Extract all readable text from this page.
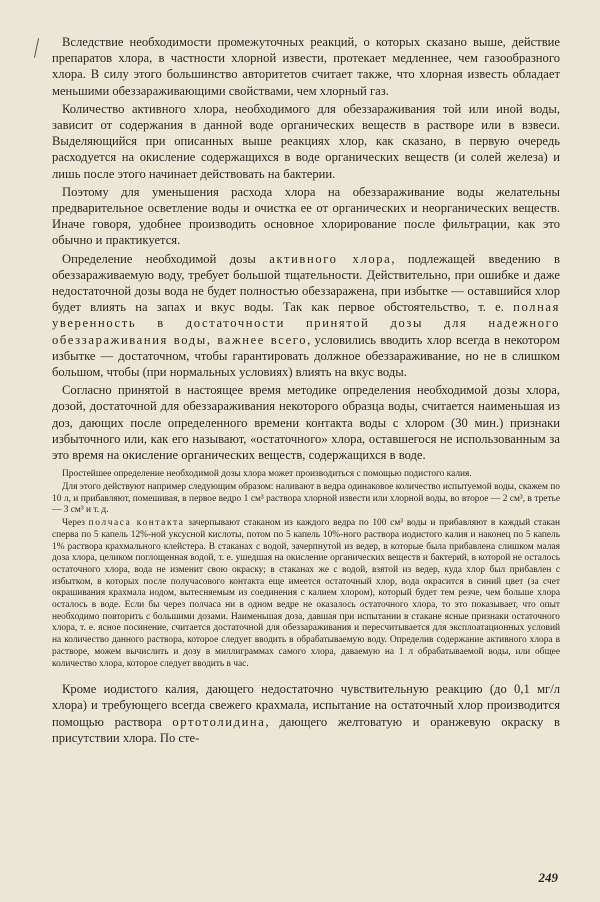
Вследствие необходимости промежуточных реакций, о которых сказано выше, действие препаратов хлора, в частности хлорной извести, протекает медленнее, чем газообразного хлора. В силу этого большинство авторитетов считает также, что хлорная известь обладает меньшими обеззараживающими свойствами, чем хлорный газ.

Количество активного хлора, необходимого для обеззараживания той или иной воды, зависит от содержания в данной воде органических веществ в растворе или в взвеси. Выделяющийся при описанных выше реакциях хлор, как сказано, в первую очередь расходуется на окисление содержащихся в воде органических веществ (и солей железа) и лишь после этого начинает действовать на бактерии.

Поэтому для уменьшения расхода хлора на обеззараживание воды желательны предварительное осветление воды и очистка ее от органических и неорганических веществ. Иначе говоря, удобнее производить основное хлорирование после фильтрации, как это обычно и практикуется.

Определение необходимой дозы активного хлора, подлежащей введению в обеззараживаемую воду, требует большой тщательности. Действительно, при ошибке и даже недостаточной дозы вода не будет полностью обеззаражена, при избытке — оставшийся хлор будет влиять на запах и вкус воды. Так как первое обстоятельство, т. е. полная уверенность в достаточности принятой дозы для надежного обеззараживания воды, важнее всего, условились вводить хлор всегда в некотором избытке — достаточном, чтобы гарантировать должное обеззараживание, но не в слишком большом, чтобы (при нормальных условиях) влиять на вкус воды.

Согласно принятой в настоящее время методике определения необходимой дозы хлора, дозой, достаточной для обеззараживания некоторого образца воды, считается наименьшая из доз, дающих после определенного времени контакта воды с хлором (30 мин.) признаки избыточного или, как его называют, «остаточного» хлора, оставшегося не использованным за это время на окисление органических веществ, содержащихся в воде.

Простейшее определение необходимой дозы хлора может производиться с помощью подистого калия.

Для этого действуют например следующим образом: наливают в ведра одинаковое количество испытуемой воды, скажем по 10 л, и прибавляют, помешивая, в первое ведро 1 см³ раствора хлорной извести или хлорной воды, во второе — 2 см³, в третье — 3 см³ и т. д.

Через полчаса контакта зачерпывают стаканом из каждого ведра по 100 см³ воды и прибавляют в каждый стакан сперва по 5 капель 12%-ной уксусной кислоты, потом по 5 капель 10%-ного раствора иодистого калия и наконец по 5 капель 1% раствора крахмального клейстера. В стаканах с водой, зачерпнутой из ведер, в которые была прибавлена слишком малая доза хлора, целиком поглощенная водой, т. е. ушедшая на окисление органических веществ и бактерий, в которой не осталось остаточного хлора, вода не изменит свою окраску; в стаканах же с водой, взятой из ведер, куда хлор был прибавлен с избытком, в которых после получасового контакта еще имеется остаточный хлор, вода окрасится в синий цвет (за счет окрашивания крахмала иодом, вытесняемым из соединения с калием хлором), который будет тем резче, чем больше хлора осталось в воде. Если бы через полчаса ни в одном ведре не оказалось остаточного хлора, то это показывает, что опыт необходимо повторить с большими дозами. Наименьшая доза, давшая при испытании в стакане ясные признаки остаточного хлора, т. е. ясное посинение, считается достаточной для обеззараживания и пересчитывается для эксплоатационных условий на количество данного раствора, которое следует вводить в обрабатываемую воду. Определив содержание активного хлора в растворе, можем вычислить и дозу в миллиграммах самого хлора, даваемую на 1 л обрабатываемой воды, или общее количество хлора, которое следует вводить в час.

Кроме иодистого калия, дающего недостаточно чувствительную реакцию (до 0,1 мг/л хлора) и требующего всегда свежего крахмала, испытание на остаточный хлор производится помощью раствора ортотолидина, дающего желтоватую и оранжевую окраску в присутствии хлора. По сте-

249
